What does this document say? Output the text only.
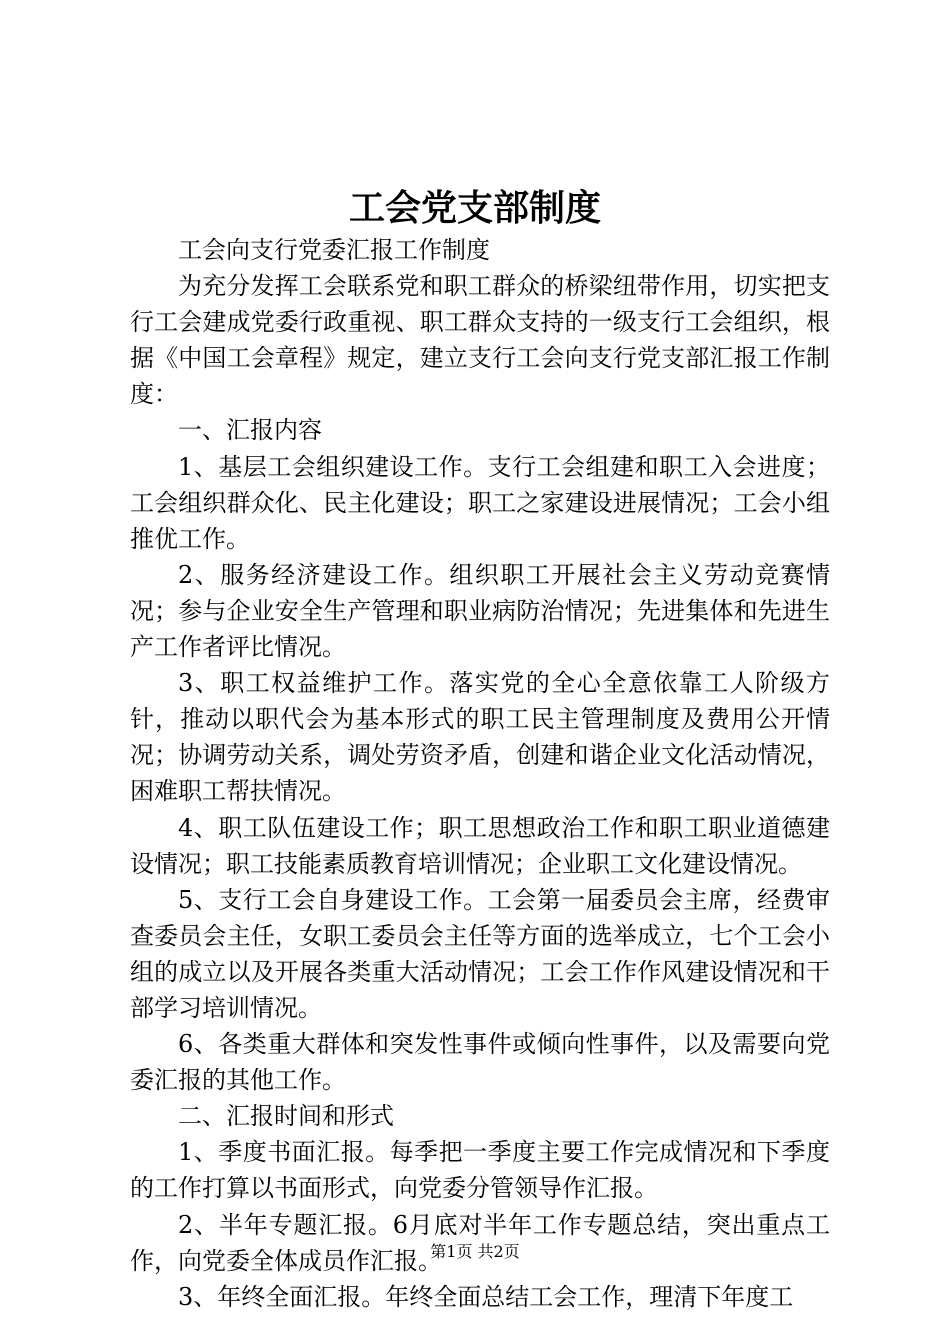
工会党支部制度

工会向支行党委汇报工作制度

为充分发挥工会联系党和职工群众的桥梁纽带作用，切实把支行工会建成党委行政重视、职工群众支持的一级支行工会组织，根据《中国工会章程》规定，建立支行工会向支行党支部汇报工作制度：

一、汇报内容

1、基层工会组织建设工作。支行工会组建和职工入会进度；工会组织群众化、民主化建设；职工之家建设进展情况；工会小组推优工作。

2、服务经济建设工作。组织职工开展社会主义劳动竞赛情况；参与企业安全生产管理和职业病防治情况；先进集体和先进生产工作者评比情况。

3、职工权益维护工作。落实党的全心全意依靠工人阶级方针，推动以职代会为基本形式的职工民主管理制度及费用公开情况；协调劳动关系，调处劳资矛盾，创建和谐企业文化活动情况，困难职工帮扶情况。

4、职工队伍建设工作；职工思想政治工作和职工职业道德建设情况；职工技能素质教育培训情况；企业职工文化建设情况。

5、支行工会自身建设工作。工会第一届委员会主席，经费审查委员会主任，女职工委员会主任等方面的选举成立，七个工会小组的成立以及开展各类重大活动情况；工会工作作风建设情况和干部学习培训情况。

6、各类重大群体和突发性事件或倾向性事件，以及需要向党委汇报的其他工作。

二、汇报时间和形式

1、季度书面汇报。每季把一季度主要工作完成情况和下季度的工作打算以书面形式，向党委分管领导作汇报。

2、半年专题汇报。6月底对半年工作专题总结，突出重点工作，向党委全体成员作汇报。

3、年终全面汇报。年终全面总结工会工作，理清下年度工

第1页 共2页
